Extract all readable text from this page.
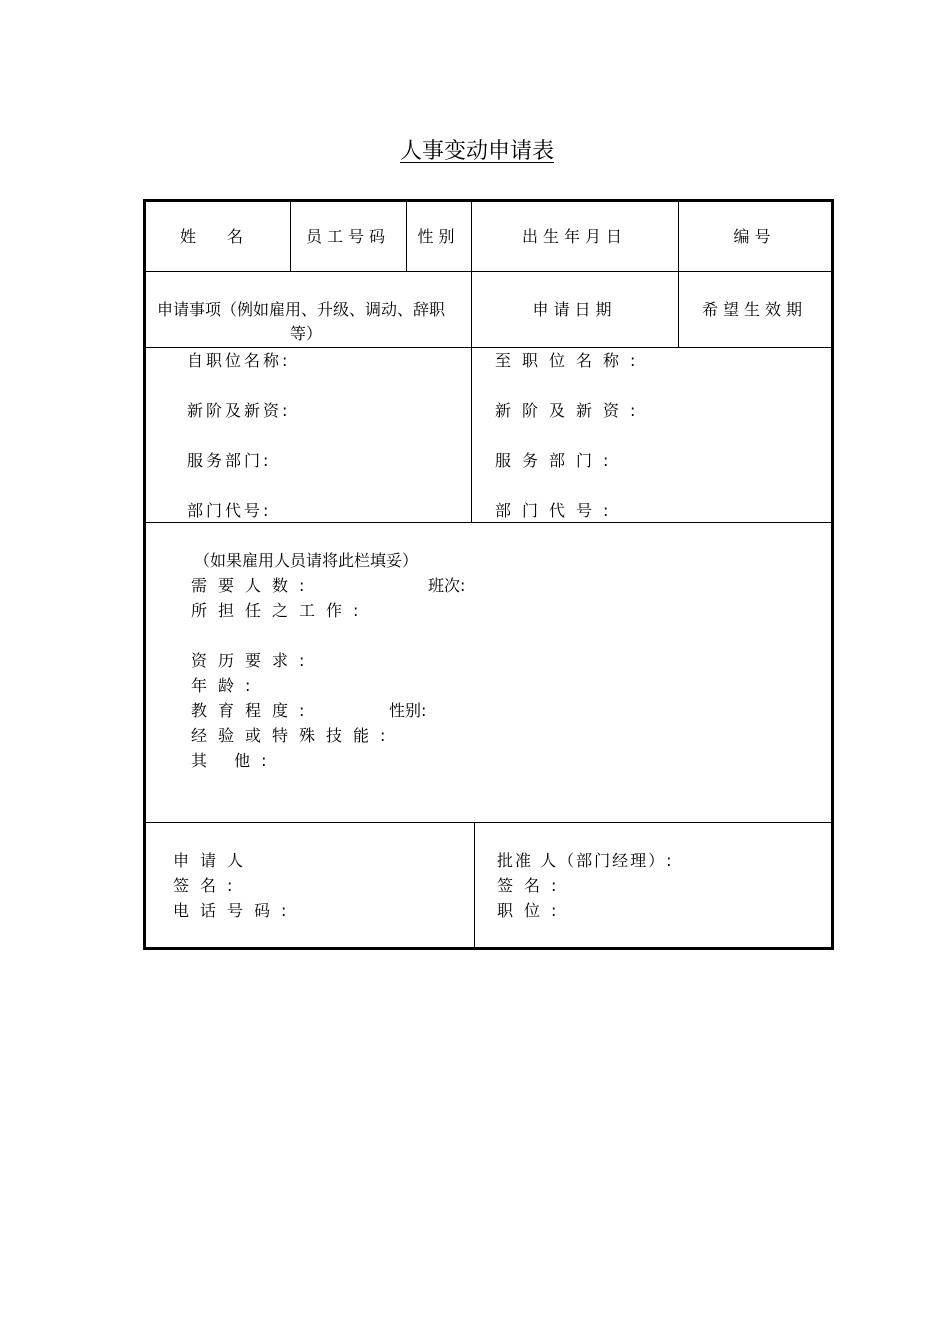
人事变动申请表
姓 名	员工号码	性别	出生年月日	编号
申请事项（例如雇用、升级、调动、辞职
等）
申请日期	希望生效期
自职位名称:
新阶及新资:
服务部门:
部门代号:
至职位名称:
新阶及新资:
服务部门:
部门代号:
（如果雇用人员请将此栏填妥）
需要人数:	班次:
所担任之工作:
资历要求:
年龄:
教育程度:	性别:
经验或特殊技能:
其 他:
申请人
签名:
电话号码:
批准 人（部门经理）:
签名:
职位:
